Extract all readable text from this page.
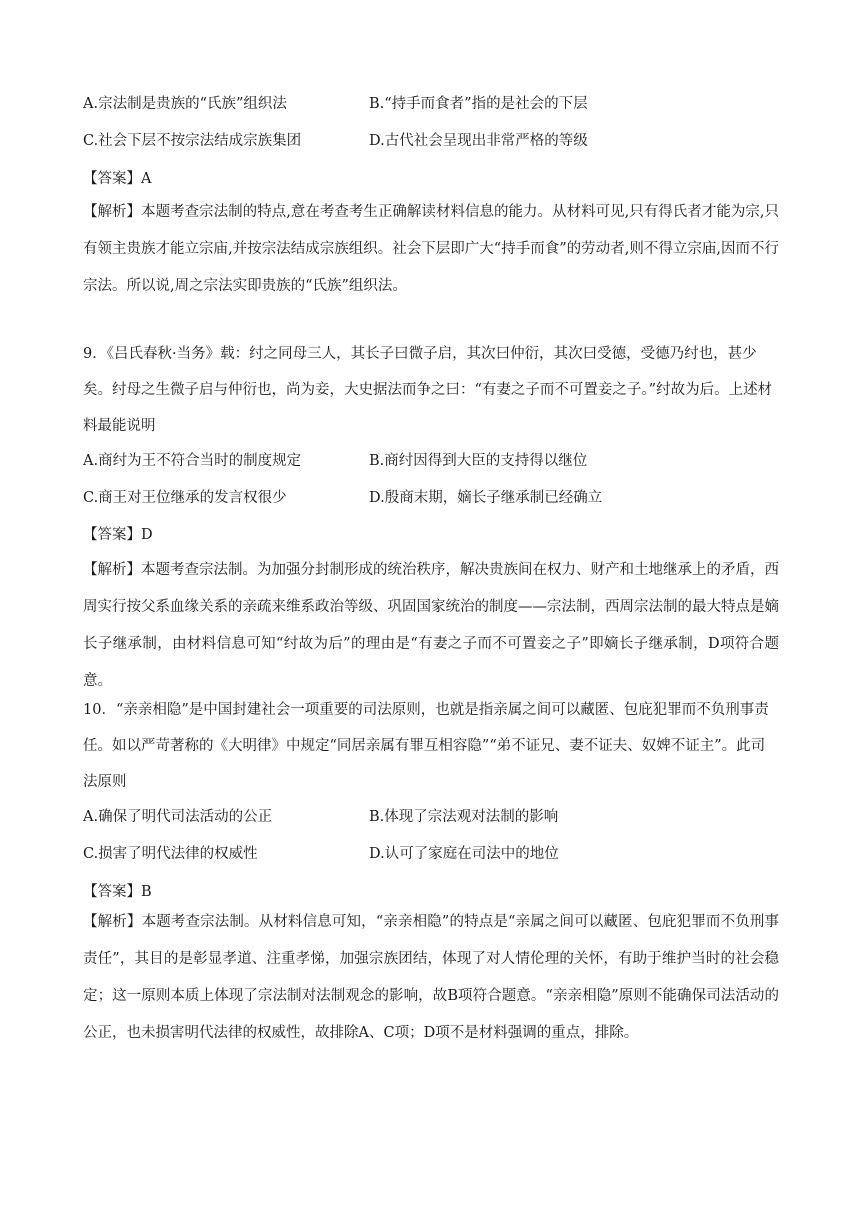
A.宗法制是贵族的“氏族”组织法	B.“持手而食者”指的是社会的下层
C.社会下层不按宗法结成宗族集团	D.古代社会呈现出非常严格的等级
【答案】A
【解析】本题考查宗法制的特点,意在考查考生正确解读材料信息的能力。从材料可见,只有得氏者才能为宗,只有领主贵族才能立宗庙,并按宗法结成宗族组织。社会下层即广大“持手而食”的劳动者,则不得立宗庙,因而不行宗法。所以说,周之宗法实即贵族的“氏族”组织法。
9．《吕氏春秋·当务》载：纣之同母三人，其长子曰微子启，其次曰仲衍，其次曰受德，受德乃纣也，甚少矣。纣母之生微子启与仲衍也，尚为妾，大史据法而争之曰：“有妻之子而不可置妾之子。”纣故为后。上述材料最能说明
A.商纣为王不符合当时的制度规定	B.商纣因得到大臣的支持得以继位
C.商王对王位继承的发言权很少	D.殷商末期，嫡长子继承制已经确立
【答案】D
【解析】本题考查宗法制。为加强分封制形成的统治秩序，解决贵族间在权力、财产和土地继承上的矛盾，西周实行按父系血缘关系的亲疏来维系政治等级、巩固国家统治的制度——宗法制，西周宗法制的最大特点是嫡长子继承制，由材料信息可知“纣故为后”的理由是“有妻之子而不可置妾之子”即嫡长子继承制，D项符合题意。
10．“亲亲相隐”是中国封建社会一项重要的司法原则，也就是指亲属之间可以藏匿、包庇犯罪而不负刑事责任。如以严苛著称的《大明律》中规定“同居亲属有罪互相容隐”“弟不证兄、妻不证夫、奴婢不证主”。此司法原则
A.确保了明代司法活动的公正	B.体现了宗法观对法制的影响
C.损害了明代法律的权威性	D.认可了家庭在司法中的地位
【答案】B
【解析】本题考查宗法制。从材料信息可知，“亲亲相隐”的特点是“亲属之间可以藏匿、包庇犯罪而不负刑事责任”，其目的是彰显孝道、注重孝悌，加强宗族团结，体现了对人情伦理的关怀，有助于维护当时的社会稳定；这一原则本质上体现了宗法制对法制观念的影响，故B项符合题意。“亲亲相隐”原则不能确保司法活动的公正，也未损害明代法律的权威性，故排除A、C项；D项不是材料强调的重点，排除。
